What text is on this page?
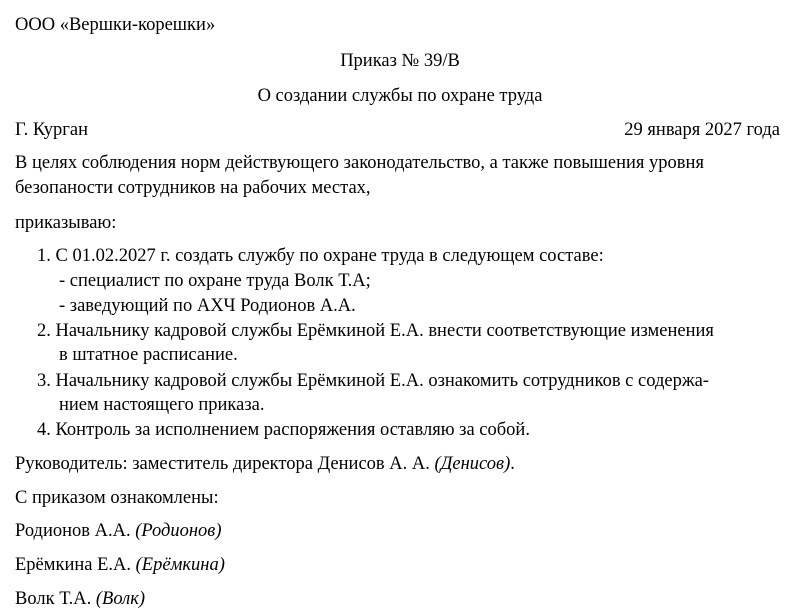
ООО «Вершки-корешки»
Приказ № 39/В
О создании службы по охране труда
Г. Курган	29 января 2027 года
В целях соблюдения норм действующего законодательство, а также повышения уровня
безопаности сотрудников на рабочих местах,
приказываю:
1. С 01.02.2027 г. создать службу по охране труда в следующем составе:
- специалист по охране труда Волк Т.А;
- заведующий по АХЧ Родионов А.А.
2. Начальнику кадровой службы Ерёмкиной Е.А. внести соответствующие изменения
в штатное расписание.
3. Начальнику кадровой службы Ерёмкиной Е.А. ознакомить сотрудников с содержа-
нием настоящего приказа.
4. Контроль за исполнением распоряжения оставляю за собой.
Руководитель: заместитель директора Денисов А. А. (Денисов).
С приказом ознакомлены:
Родионов А.А. (Родионов)
Ерёмкина Е.А. (Ерёмкина)
Волк Т.А. (Волк)
